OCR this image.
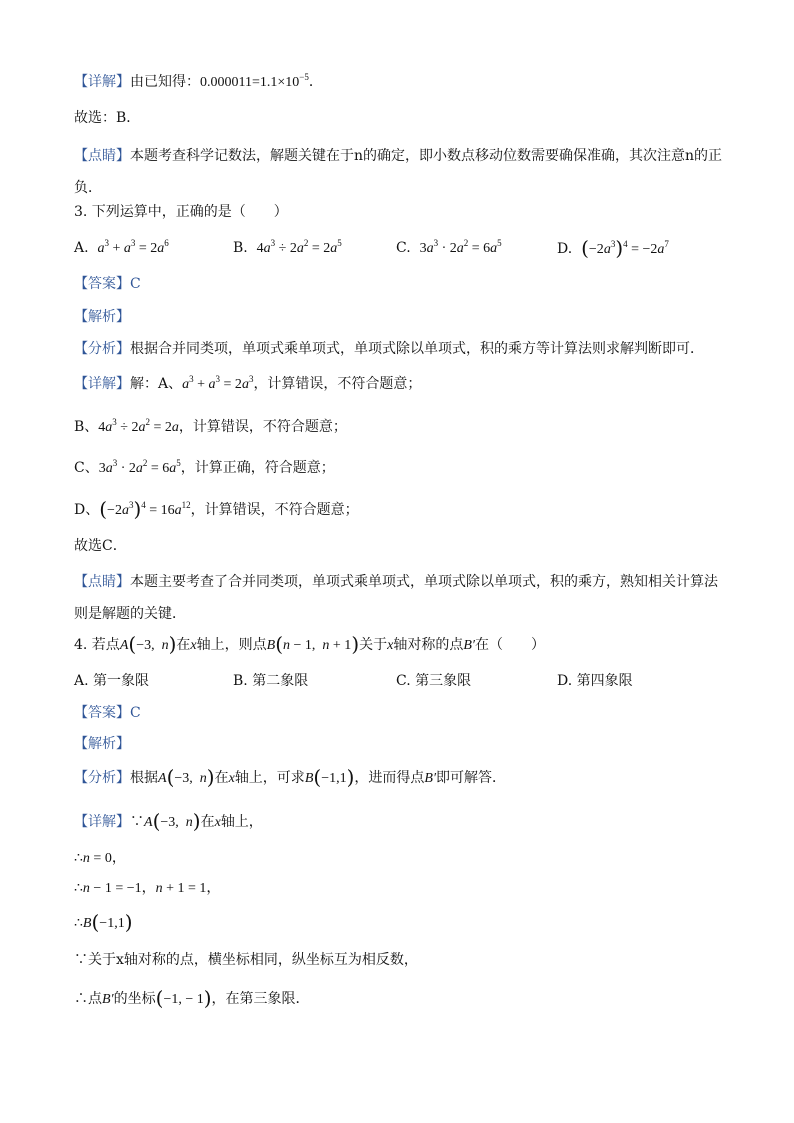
【详解】由已知得：$0.000011=1.1\times 10^{-5}$．
故选：B．
【点睛】本题考查科学记数法，解题关键在于n的确定，即小数点移动位数需要确保准确，其次注意n的正负．
3. 下列运算中，正确的是（　　）
A. $a^3 + a^3 = 2a^6$	B. $4a^3 \div 2a^2 = 2a^5$	C. $3a^3 \cdot 2a^2 = 6a^5$	D. $(-2a^3)^4 = -2a^7$
【答案】C
【解析】
【分析】根据合并同类项，单项式乘单项式，单项式除以单项式，积的乘方等计算法则求解判断即可．
【详解】解：A、$a^3 + a^3 = 2a^3$，计算错误，不符合题意；
B、$4a^3 \div 2a^2 = 2a$，计算错误，不符合题意；
C、$3a^3 \cdot 2a^2 = 6a^5$，计算正确，符合题意；
D、$(-2a^3)^4 = 16a^{12}$，计算错误，不符合题意；
故选C．
【点睛】本题主要考查了合并同类项，单项式乘单项式，单项式除以单项式，积的乘方，熟知相关计算法则是解题的关键．
4. 若点A(−3,  n)在x轴上，则点B(n − 1,  n + 1)关于x轴对称的点B′在（　　）
A. 第一象限	B. 第二象限	C. 第三象限	D. 第四象限
【答案】C
【解析】
【分析】根据A(−3,  n)在x轴上，可求B(−1,1)，进而得点B′即可解答．
【详解】∵A(−3,  n)在x轴上，
∴n = 0，
∴n − 1 = −1，n + 1 = 1，
∴B(−1,1)
∵关于x轴对称的点，横坐标相同，纵坐标互为相反数，
∴点B′的坐标(−1, − 1)，在第三象限．
